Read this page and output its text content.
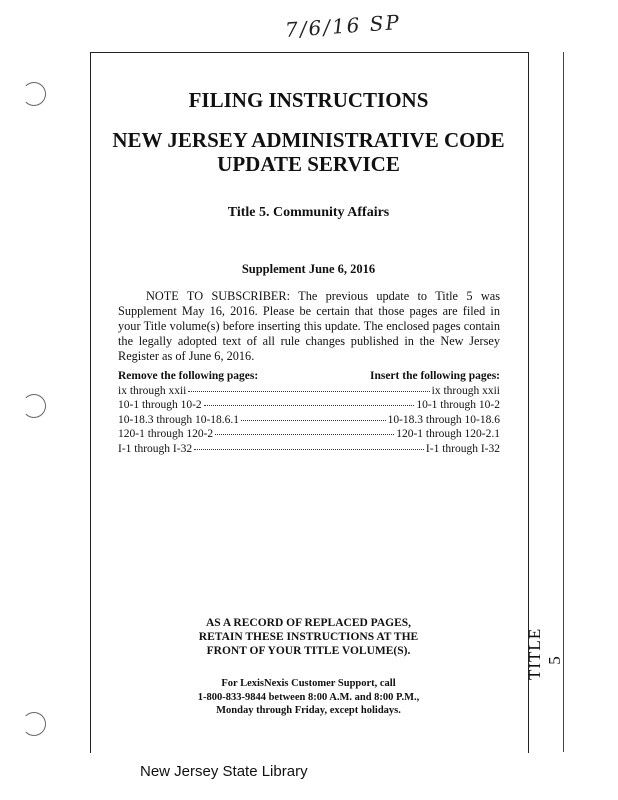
7/6/16 SP
TITLE 5
FILING INSTRUCTIONS
NEW JERSEY ADMINISTRATIVE CODE
UPDATE SERVICE
Title 5. Community Affairs
Supplement June 6, 2016
NOTE TO SUBSCRIBER: The previous update to Title 5 was Supplement May 16, 2016. Please be certain that those pages are filed in your Title volume(s) before inserting this update. The enclosed pages contain the legally adopted text of all rule changes published in the New Jersey Register as of June 6, 2016.
Remove the following pages:	Insert the following pages:
ix through xxii	ix through xxii
10-1 through 10-2	10-1 through 10-2
10-18.3 through 10-18.6.1	10-18.3 through 10-18.6
120-1 through 120-2	120-1 through 120-2.1
I-1 through I-32	I-1 through I-32
AS A RECORD OF REPLACED PAGES,
RETAIN THESE INSTRUCTIONS AT THE
FRONT OF YOUR TITLE VOLUME(S).
For LexisNexis Customer Support, call
1-800-833-9844 between 8:00 A.M. and 8:00 P.M.,
Monday through Friday, except holidays.
New Jersey State Library
